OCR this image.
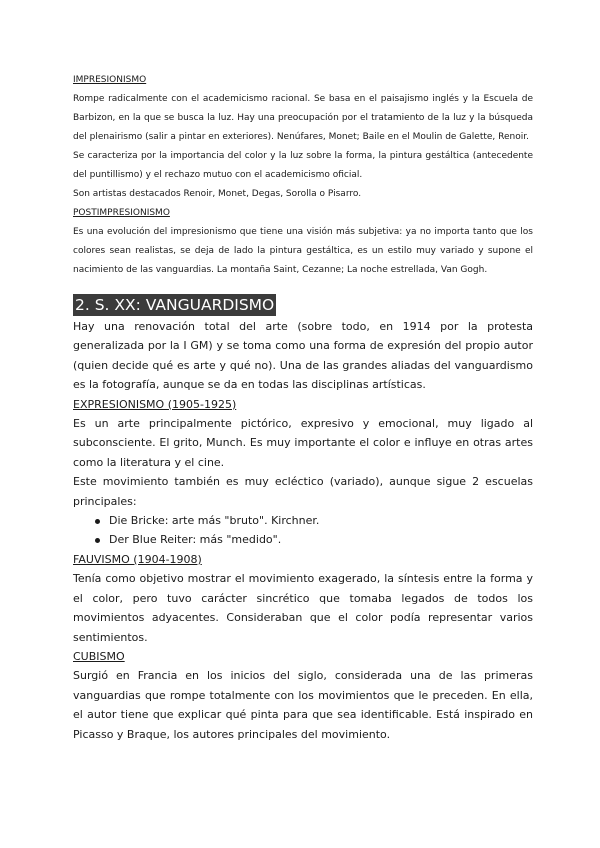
IMPRESIONISMO

Rompe radicalmente con el academicismo racional. Se basa en el paisajismo inglés y la Escuela de Barbizon, en la que se busca la luz. Hay una preocupación por el tratamiento de la luz y la búsqueda del plenairismo (salir a pintar en exteriores). Nenúfares, Monet; Baile en el Moulin de Galette, Renoir.

Se caracteriza por la importancia del color y la luz sobre la forma, la pintura gestáltica (antecedente del puntillismo) y el rechazo mutuo con el academicismo oficial.

Son artistas destacados Renoir, Monet, Degas, Sorolla o Pisarro.

POSTIMPRESIONISMO

Es una evolución del impresionismo que tiene una visión más subjetiva: ya no importa tanto que los colores sean realistas, se deja de lado la pintura gestáltica, es un estilo muy variado y supone el nacimiento de las vanguardias. La montaña Saint, Cezanne; La noche estrellada, Van Gogh.

2. S. XX: VANGUARDISMO

Hay una renovación total del arte (sobre todo, en 1914 por la protesta generalizada por la I GM) y se toma como una forma de expresión del propio autor (quien decide qué es arte y qué no). Una de las grandes aliadas del vanguardismo es la fotografía, aunque se da en todas las disciplinas artísticas.

EXPRESIONISMO (1905-1925)

Es un arte principalmente pictórico, expresivo y emocional, muy ligado al subconsciente. El grito, Munch. Es muy importante el color e influye en otras artes como la literatura y el cine.

Este movimiento también es muy ecléctico (variado), aunque sigue 2 escuelas principales:

Die Bricke: arte más "bruto". Kirchner.
Der Blue Reiter: más "medido".
FAUVISMO (1904-1908)

Tenía como objetivo mostrar el movimiento exagerado, la síntesis entre la forma y el color, pero tuvo carácter sincrético que tomaba legados de todos los movimientos adyacentes. Consideraban que el color podía representar varios sentimientos.

CUBISMO

Surgió en Francia en los inicios del siglo, considerada una de las primeras vanguardias que rompe totalmente con los movimientos que le preceden. En ella, el autor tiene que explicar qué pinta para que sea identificable. Está inspirado en Picasso y Braque, los autores principales del movimiento.
